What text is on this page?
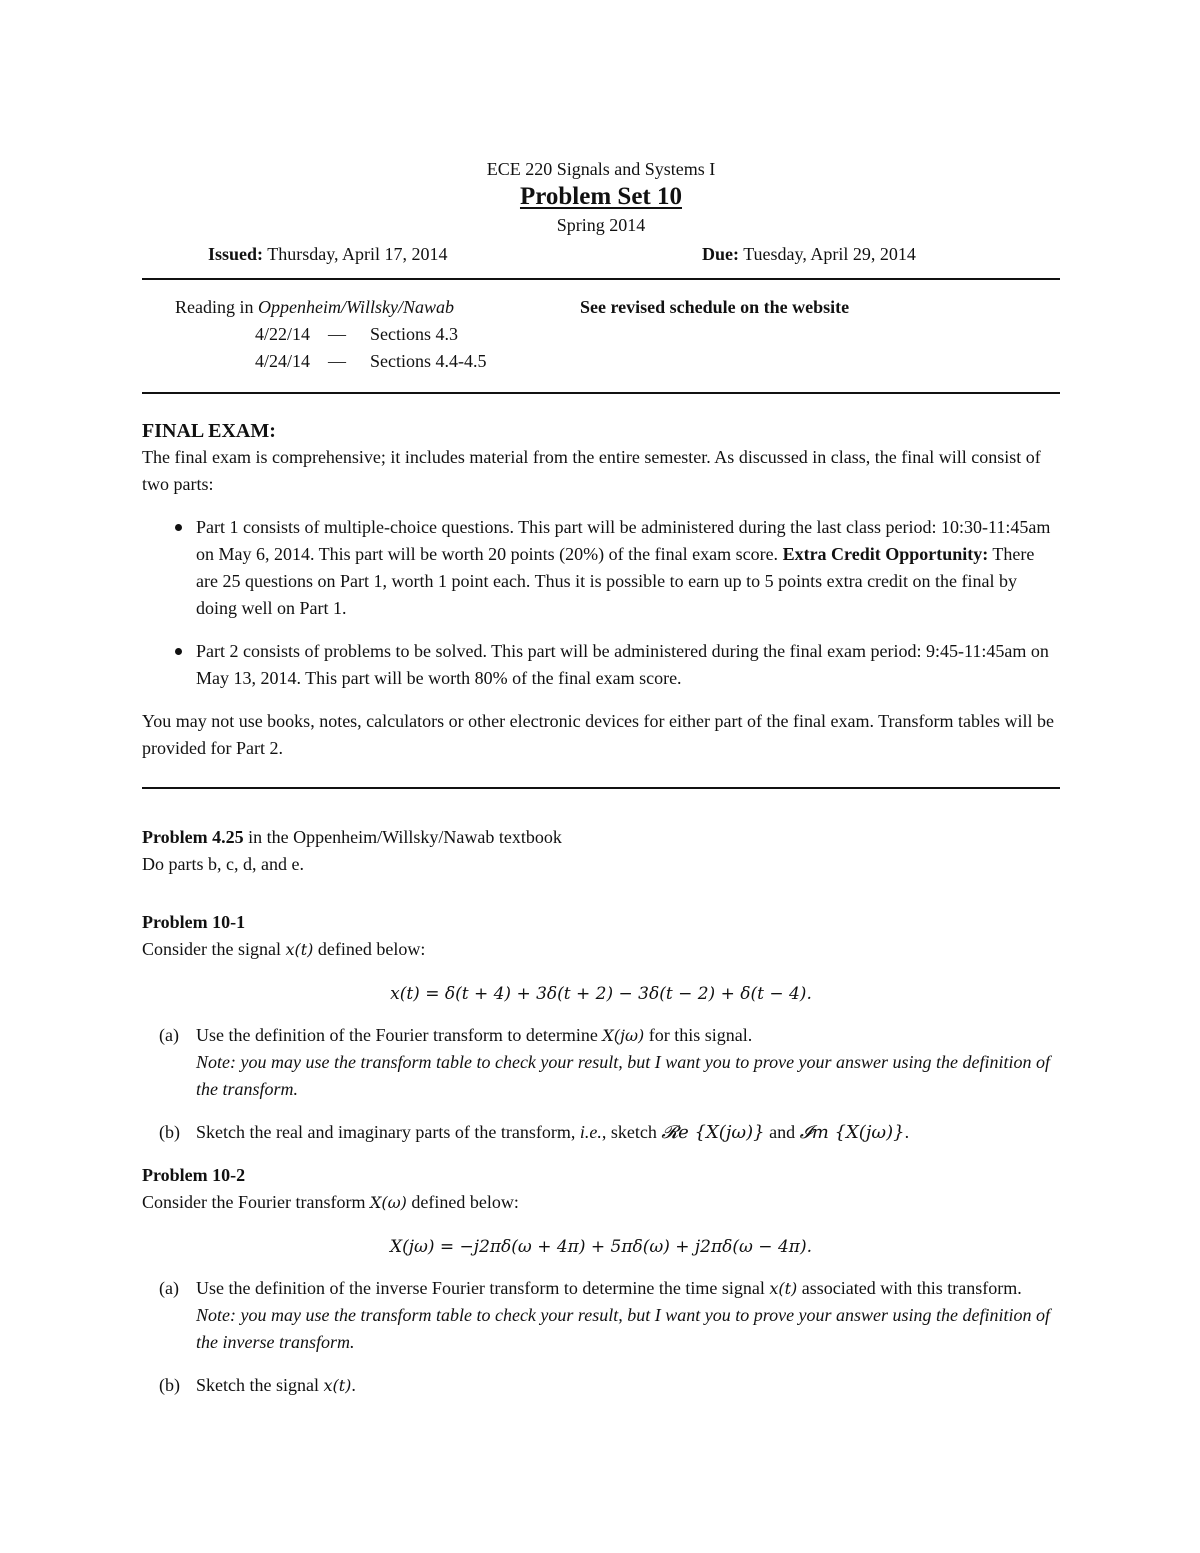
ECE 220 Signals and Systems I
Problem Set 10
Spring 2014
Issued: Thursday, April 17, 2014	Due: Tuesday, April 29, 2014
Reading in Oppenheim/Willsky/Nawab
4/22/14	—	Sections 4.3
4/24/14	—	Sections 4.4-4.5
See revised schedule on the website
FINAL EXAM:

The final exam is comprehensive; it includes material from the entire semester. As discussed in class, the final will consist of two parts:

Part 1 consists of multiple-choice questions. This part will be administered during the last class period: 10:30-11:45am on May 6, 2014. This part will be worth 20 points (20%) of the final exam score. Extra Credit Opportunity: There are 25 questions on Part 1, worth 1 point each. Thus it is possible to earn up to 5 points extra credit on the final by doing well on Part 1.
Part 2 consists of problems to be solved. This part will be administered during the final exam period: 9:45-11:45am on May 13, 2014. This part will be worth 80% of the final exam score.

You may not use books, notes, calculators or other electronic devices for either part of the final exam. Transform tables will be provided for Part 2.

Problem 4.25 in the Oppenheim/Willsky/Nawab textbook
Do parts b, c, d, and e.
Problem 10-1
Consider the signal x(t) defined below:
x(t) = δ(t + 4) + 3δ(t + 2) − 3δ(t − 2) + δ(t − 4).
(a) Use the definition of the Fourier transform to determine X(jω) for this signal.
Note: you may use the transform table to check your result, but I want you to prove your answer using the definition of the transform.
(b) Sketch the real and imaginary parts of the transform, i.e., sketch 𝓡e {X(jω)} and 𝓘m {X(jω)}.
Problem 10-2
Consider the Fourier transform X(ω) defined below:
X(jω) = −j2πδ(ω + 4π) + 5πδ(ω) + j2πδ(ω − 4π).
(a) Use the definition of the inverse Fourier transform to determine the time signal x(t) associated with this transform.
Note: you may use the transform table to check your result, but I want you to prove your answer using the definition of the inverse transform.
(b) Sketch the signal x(t).
